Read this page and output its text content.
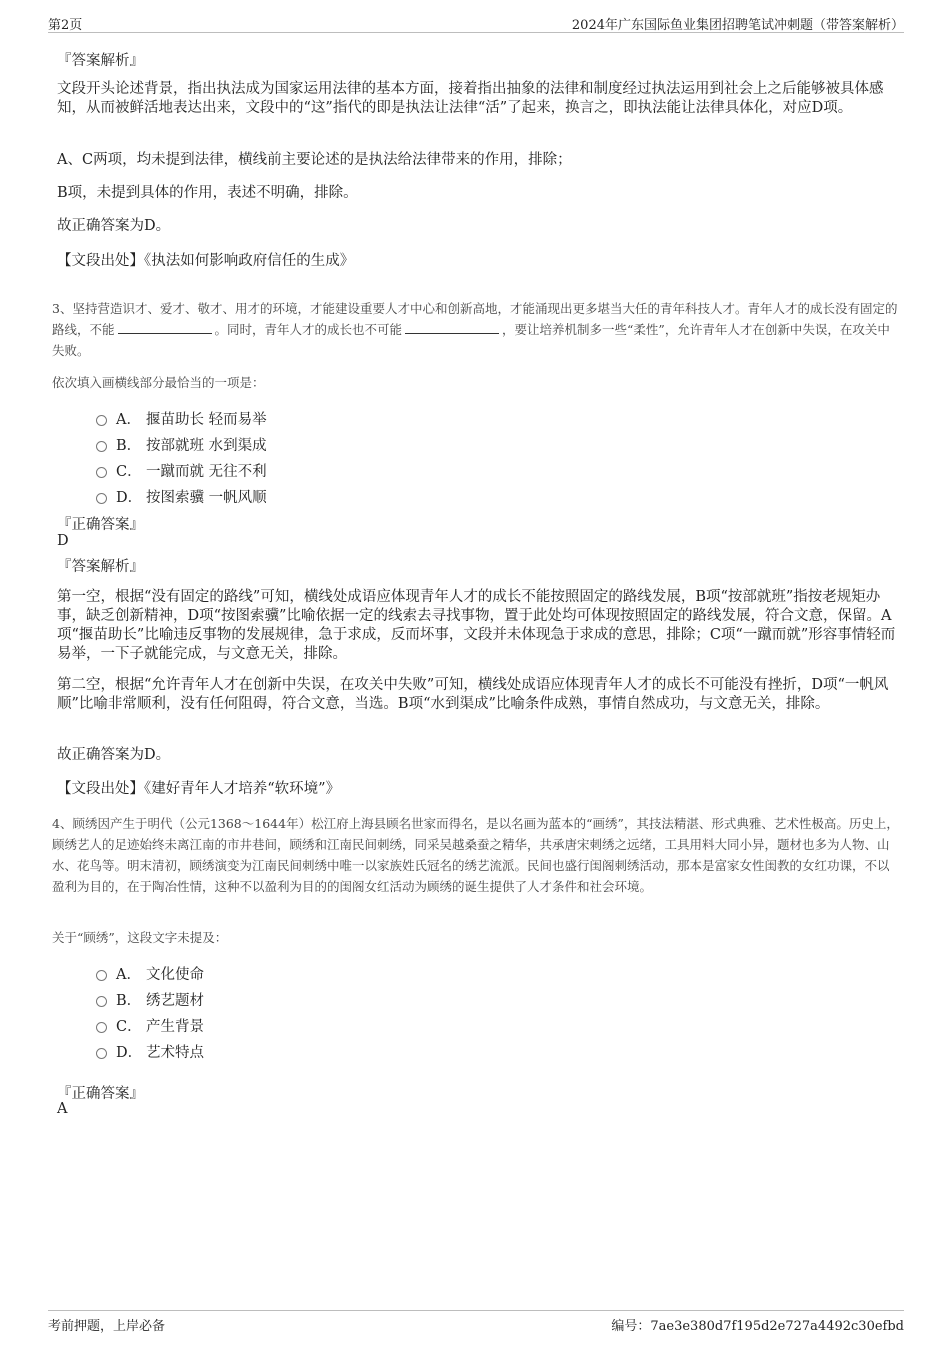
第2页	2024年广东国际鱼业集团招聘笔试冲刺题（带答案解析）
『答案解析』
文段开头论述背景，指出执法成为国家运用法律的基本方面，接着指出抽象的法律和制度经过执法运用到社会上之后能够被具体感知，从而被鲜活地表达出来，文段中的“这”指代的即是执法让法律“活”了起来，换言之，即执法能让法律具体化，对应D项。
A、C两项，均未提到法律，横线前主要论述的是执法给法律带来的作用，排除；
B项，未提到具体的作用，表述不明确，排除。
故正确答案为D。
【文段出处】《执法如何影响政府信任的生成》
3、坚持营造识才、爱才、敬才、用才的环境，才能建设重要人才中心和创新高地，才能涌现出更多堪当大任的青年科技人才。青年人才的成长没有固定的路线，不能	。同时，青年人才的成长也不可能	，要让培养机制多一些“柔性”，允许青年人才在创新中失误，在攻关中失败。
依次填入画横线部分最恰当的一项是：
A． 揠苗助长 轻而易举
B． 按部就班 水到渠成
C． 一蹴而就 无往不利
D． 按图索骥 一帆风顺
『正确答案』
D
『答案解析』
第一空，根据“没有固定的路线”可知，横线处成语应体现青年人才的成长不能按照固定的路线发展，B项“按部就班”指按老规矩办事，缺乏创新精神，D项“按图索骥”比喻依据一定的线索去寻找事物，置于此处均可体现按照固定的路线发展，符合文意，保留。A项“揠苗助长”比喻违反事物的发展规律，急于求成，反而坏事，文段并未体现急于求成的意思，排除；C项“一蹴而就”形容事情轻而易举，一下子就能完成，与文意无关，排除。
第二空，根据“允许青年人才在创新中失误，在攻关中失败”可知，横线处成语应体现青年人才的成长不可能没有挫折，D项“一帆风顺”比喻非常顺利，没有任何阻碍，符合文意，当选。B项“水到渠成”比喻条件成熟，事情自然成功，与文意无关，排除。
故正确答案为D。
【文段出处】《建好青年人才培养“软环境”》
4、顾绣因产生于明代（公元1368～1644年）松江府上海县顾名世家而得名，是以名画为蓝本的“画绣”，其技法精湛、形式典雅、艺术性极高。历史上，顾绣艺人的足迹始终未离江南的市井巷间，顾绣和江南民间刺绣，同采吴越桑蚕之精华，共承唐宋刺绣之远绪，工具用料大同小异，题材也多为人物、山水、花鸟等。明末清初，顾绣演变为江南民间刺绣中唯一以家族姓氏冠名的绣艺流派。民间也盛行闺阁刺绣活动，那本是富家女性闺教的女红功课，不以盈利为目的，在于陶冶性情，这种不以盈利为目的的闺阁女红活动为顾绣的诞生提供了人才条件和社会环境。
关于“顾绣”，这段文字未提及：
A． 文化使命
B． 绣艺题材
C． 产生背景
D． 艺术特点
『正确答案』
A
考前押题，上岸必备	编号：7ae3e380d7f195d2e727a4492c30efbd
